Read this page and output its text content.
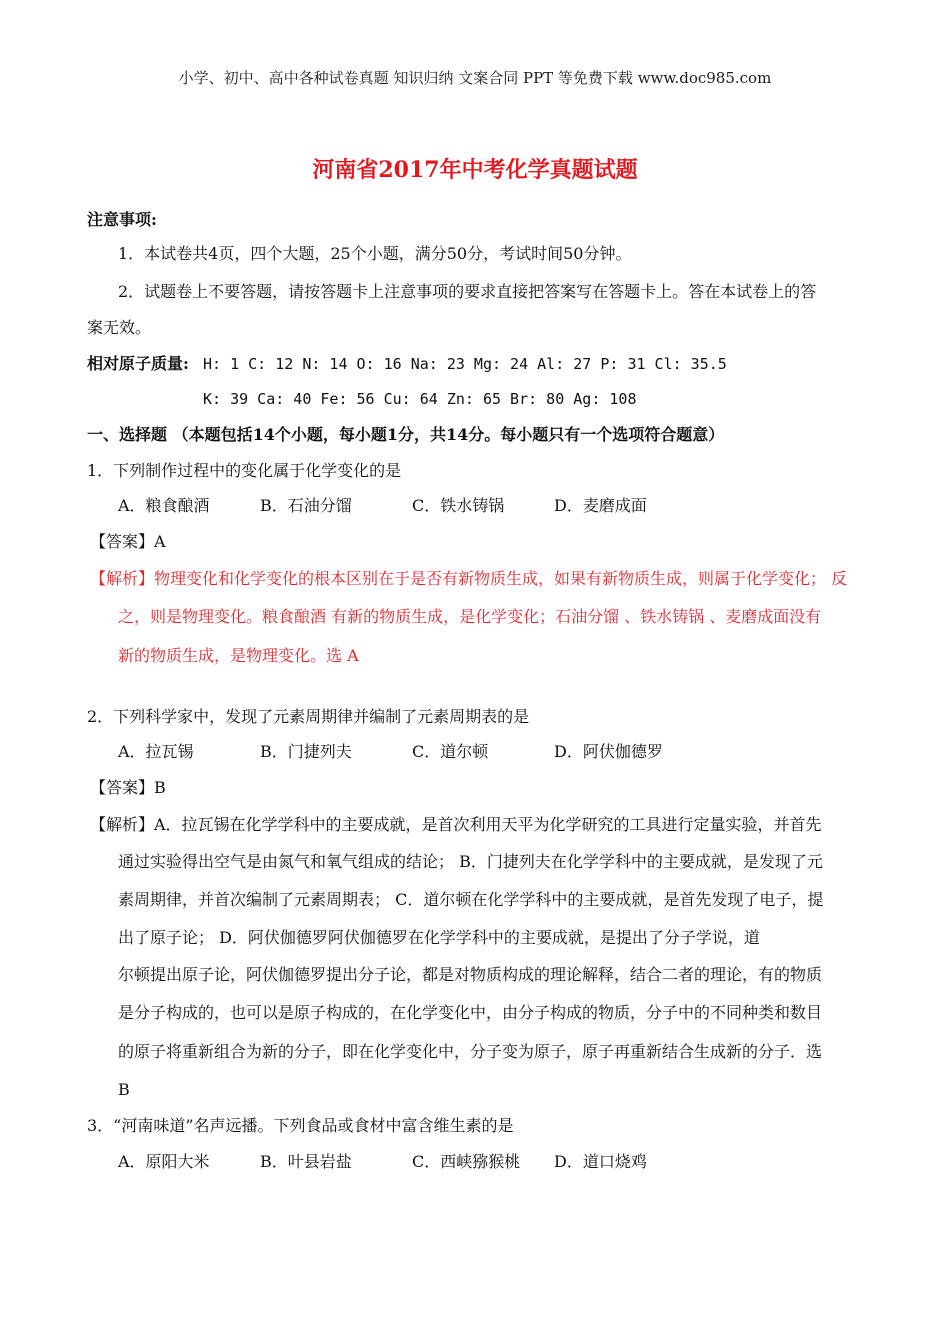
小学、初中、高中各种试卷真题 知识归纳 文案合同 PPT 等免费下载 www.doc985.com
河南省2017年中考化学真题试题
注意事项:
1．本试卷共4页，四个大题，25个小题，满分50分，考试时间50分钟。
2．试题卷上不要答题，请按答题卡上注意事项的要求直接把答案写在答题卡上。答在本试卷上的答
案无效。
相对原子质量: H: 1 C: 12 N: 14 O: 16 Na: 23 Mg: 24 Al: 27 P: 31 Cl: 35.5
K: 39 Ca: 40 Fe: 56 Cu: 64 Zn: 65 Br: 80 Ag: 108
一、选择题 （本题包括14个小题，每小题1分，共14分。每小题只有一个选项符合题意）
1．下列制作过程中的变化属于化学变化的是
A．粮食酿酒	B．石油分馏	C．铁水铸锅	D．麦磨成面
【答案】A
【解析】物理变化和化学变化的根本区别在于是否有新物质生成，如果有新物质生成，则属于化学变化； 反
之，则是物理变化。粮食酿酒 有新的物质生成，是化学变化；石油分馏 、铁水铸锅 、麦磨成面没有
新的物质生成，是物理变化。选 A
2．下列科学家中，发现了元素周期律并编制了元素周期表的是
A．拉瓦锡	B．门捷列夫	C．道尔顿	D．阿伏伽德罗
【答案】B
【解析】A．拉瓦锡在化学学科中的主要成就，是首次利用天平为化学研究的工具进行定量实验，并首先
通过实验得出空气是由氮气和氧气组成的结论； B．门捷列夫在化学学科中的主要成就，是发现了元
素周期律，并首次编制了元素周期表； C．道尔顿在化学学科中的主要成就，是首先发现了电子，提
出了原子论； D．阿伏伽德罗阿伏伽德罗在化学学科中的主要成就，是提出了分子学说，道
尔顿提出原子论，阿伏伽德罗提出分子论，都是对物质构成的理论解释，结合二者的理论，有的物质
是分子构成的，也可以是原子构成的，在化学变化中，由分子构成的物质，分子中的不同种类和数目
的原子将重新组合为新的分子，即在化学变化中，分子变为原子，原子再重新结合生成新的分子．选
B
3．“河南味道”名声远播。下列食品或食材中富含维生素的是
A．原阳大米	B．叶县岩盐	C．西峡猕猴桃 D．道口烧鸡
